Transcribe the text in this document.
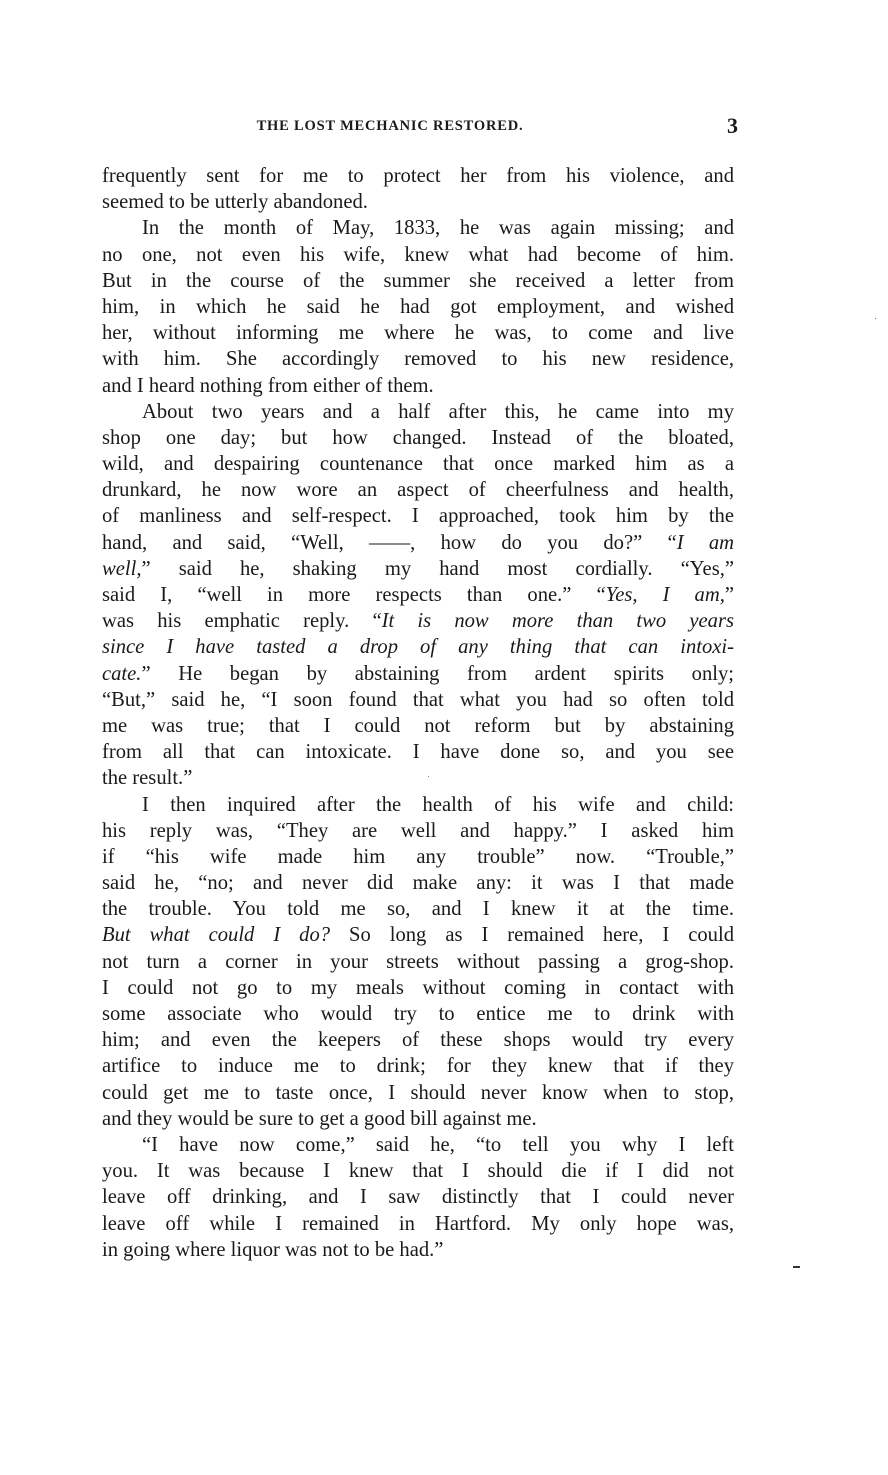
THE LOST MECHANIC RESTORED.	3
frequently sent for me to protect her from his violence, and
seemed to be utterly abandoned.
In the month of May, 1833, he was again missing; and
no one, not even his wife, knew what had become of him.
But in the course of the summer she received a letter from
him, in which he said he had got employment, and wished
her, without informing me where he was, to come and live
with him. She accordingly removed to his new residence,
and I heard nothing from either of them.
About two years and a half after this, he came into my
shop one day; but how changed. Instead of the bloated,
wild, and despairing countenance that once marked him as a
drunkard, he now wore an aspect of cheerfulness and health,
of manliness and self-respect. I approached, took him by the
hand, and said, “Well, ——, how do you do?” “I am
well,” said he, shaking my hand most cordially. “Yes,”
said I, “well in more respects than one.” “Yes, I am,”
was his emphatic reply. “It is now more than two years
since I have tasted a drop of any thing that can intoxi-
cate.” He began by abstaining from ardent spirits only;
“But,” said he, “I soon found that what you had so often told
me was true; that I could not reform but by abstaining
from all that can intoxicate. I have done so, and you see
the result.”
I then inquired after the health of his wife and child:
his reply was, “They are well and happy.” I asked him
if “his wife made him any trouble” now. “Trouble,”
said he, “no; and never did make any: it was I that made
the trouble. You told me so, and I knew it at the time.
But what could I do? So long as I remained here, I could
not turn a corner in your streets without passing a grog-shop.
I could not go to my meals without coming in contact with
some associate who would try to entice me to drink with
him; and even the keepers of these shops would try every
artifice to induce me to drink; for they knew that if they
could get me to taste once, I should never know when to stop,
and they would be sure to get a good bill against me.
“I have now come,” said he, “to tell you why I left
you. It was because I knew that I should die if I did not
leave off drinking, and I saw distinctly that I could never
leave off while I remained in Hartford. My only hope was,
in going where liquor was not to be had.”
